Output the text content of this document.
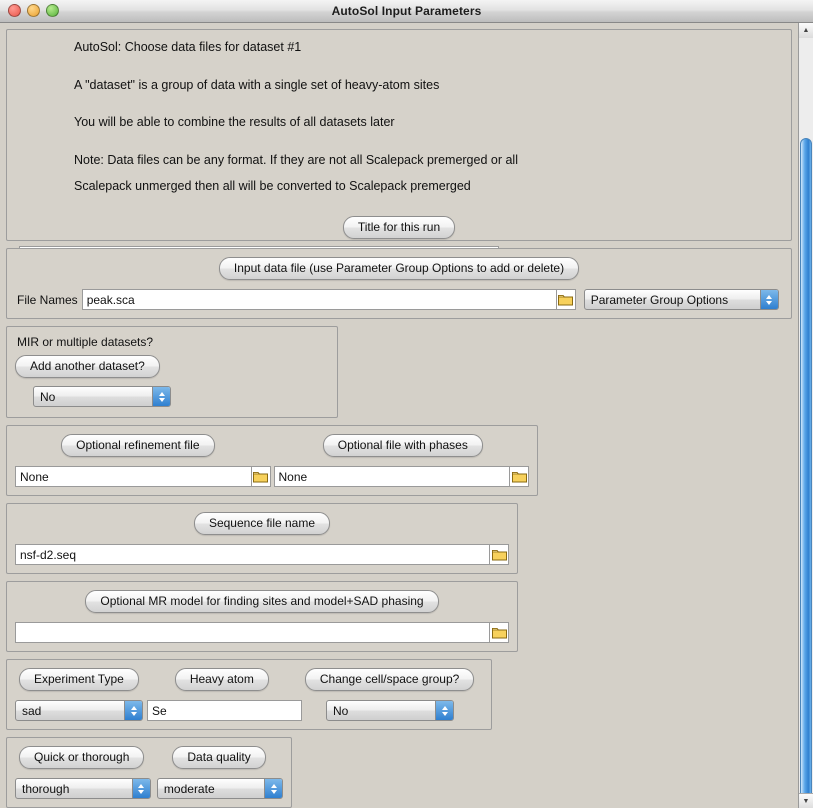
AutoSol Input Parameters
AutoSol: Choose data files for dataset #1
A "dataset" is a group of data with a single set of heavy-atom sites
You will be able to combine the results of all datasets later
Note: Data files can be any format. If they are not all Scalepack premerged or all
Scalepack unmerged then all will be converted to Scalepack premerged
Title for this run
Input data file (use Parameter Group Options to add or delete)
File Names peak.sca	Parameter Group Options
MIR or multiple datasets?
Add another dataset?
No
Optional refinement file	Optional file with phases
None	None
Sequence file name
nsf-d2.seq
Optional MR model for finding sites and model+SAD phasing
Experiment Type	Heavy atom	Change cell/space group?
sad	Se	No
Quick or thorough	Data quality
thorough	moderate
▲
▼
